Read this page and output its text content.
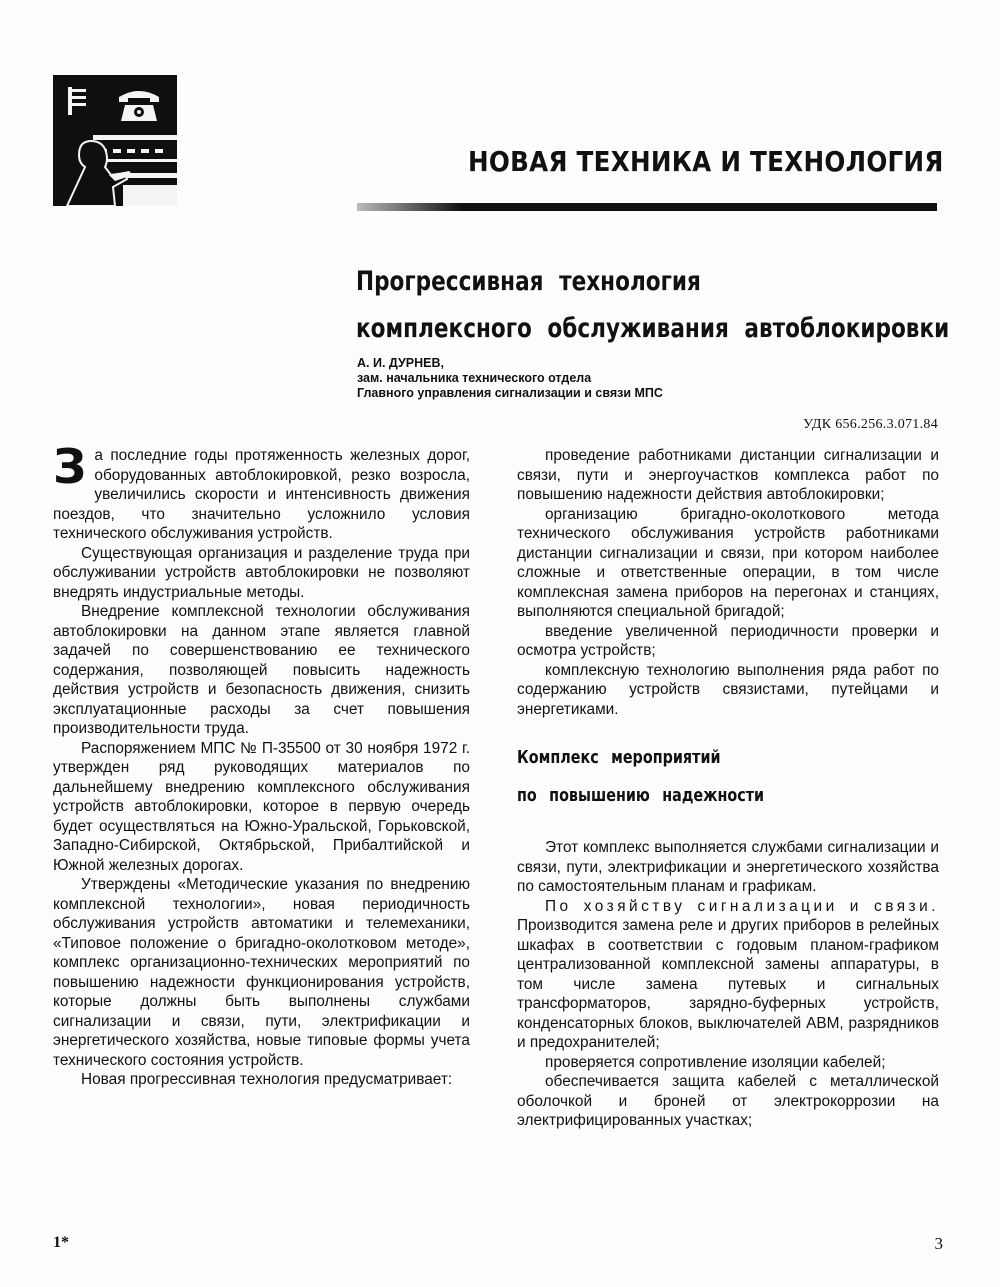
НОВАЯ ТЕХНИКА И ТЕХНОЛОГИЯ
Прогрессивная технология
комплексного обслуживания автоблокировки
А. И. ДУРНЕВ,
зам. начальника технического отдела
Главного управления сигнализации и связи МПС
УДК 656.256.3.071.84

За последние годы протяженность железных дорог, оборудованных автоблокировкой, резко возросла, увеличились скорости и интенсивность движения поездов, что значительно усложнило условия технического обслуживания устройств.

Существующая организация и разделение труда при обслуживании устройств автоблокировки не позволяют внедрять индустриальные методы.

Внедрение комплексной технологии обслуживания автоблокировки на данном этапе является главной задачей по совершенствованию ее технического содержания, позволяющей повысить надежность действия устройств и безопасность движения, снизить эксплуатационные расходы за счет повышения производительности труда.

Распоряжением МПС № П-35500 от 30 ноября 1972 г. утвержден ряд руководящих материалов по дальнейшему внедрению комплексного обслуживания устройств автоблокировки, которое в первую очередь будет осуществляться на Южно-Уральской, Горьковской, Западно-Сибирской, Октябрьской, Прибалтийской и Южной железных дорогах.

Утверждены «Методические указания по внедрению комплексной технологии», новая периодичность обслуживания устройств автоматики и телемеханики, «Типовое положение о бригадно-околотковом методе», комплекс организационно-технических мероприятий по повышению надежности функционирования устройств, которые должны быть выполнены службами сигнализации и связи, пути, электрификации и энергетического хозяйства, новые типовые формы учета технического состояния устройств.

Новая прогрессивная технология предусматривает:

проведение работниками дистанции сигнализации и связи, пути и энергоучастков комплекса работ по повышению надежности действия автоблокировки;

организацию бригадно-околоткового метода технического обслуживания устройств работниками дистанции сигнализации и связи, при котором наиболее сложные и ответственные операции, в том числе комплексная замена приборов на перегонах и станциях, выполняются специальной бригадой;

введение увеличенной периодичности проверки и осмотра устройств;

комплексную технологию выполнения ряда работ по содержанию устройств связистами, путейцами и энергетиками.

Комплекс мероприятий
по повышению надежности

Этот комплекс выполняется службами сигнализации и связи, пути, электрификации и энергетического хозяйства по самостоятельным планам и графикам.

По хозяйству сигнализации и связи. Производится замена реле и других приборов в релейных шкафах в соответствии с годовым планом-графиком централизованной комплексной замены аппаратуры, в том числе замена путевых и сигнальных трансформаторов, зарядно-буферных устройств, конденсаторных блоков, выключателей АВМ, разрядников и предохранителей;

проверяется сопротивление изоляции кабелей;

обеспечивается защита кабелей с металлической оболочкой и броней от электрокоррозии на электрифицированных участках;

1*	3
